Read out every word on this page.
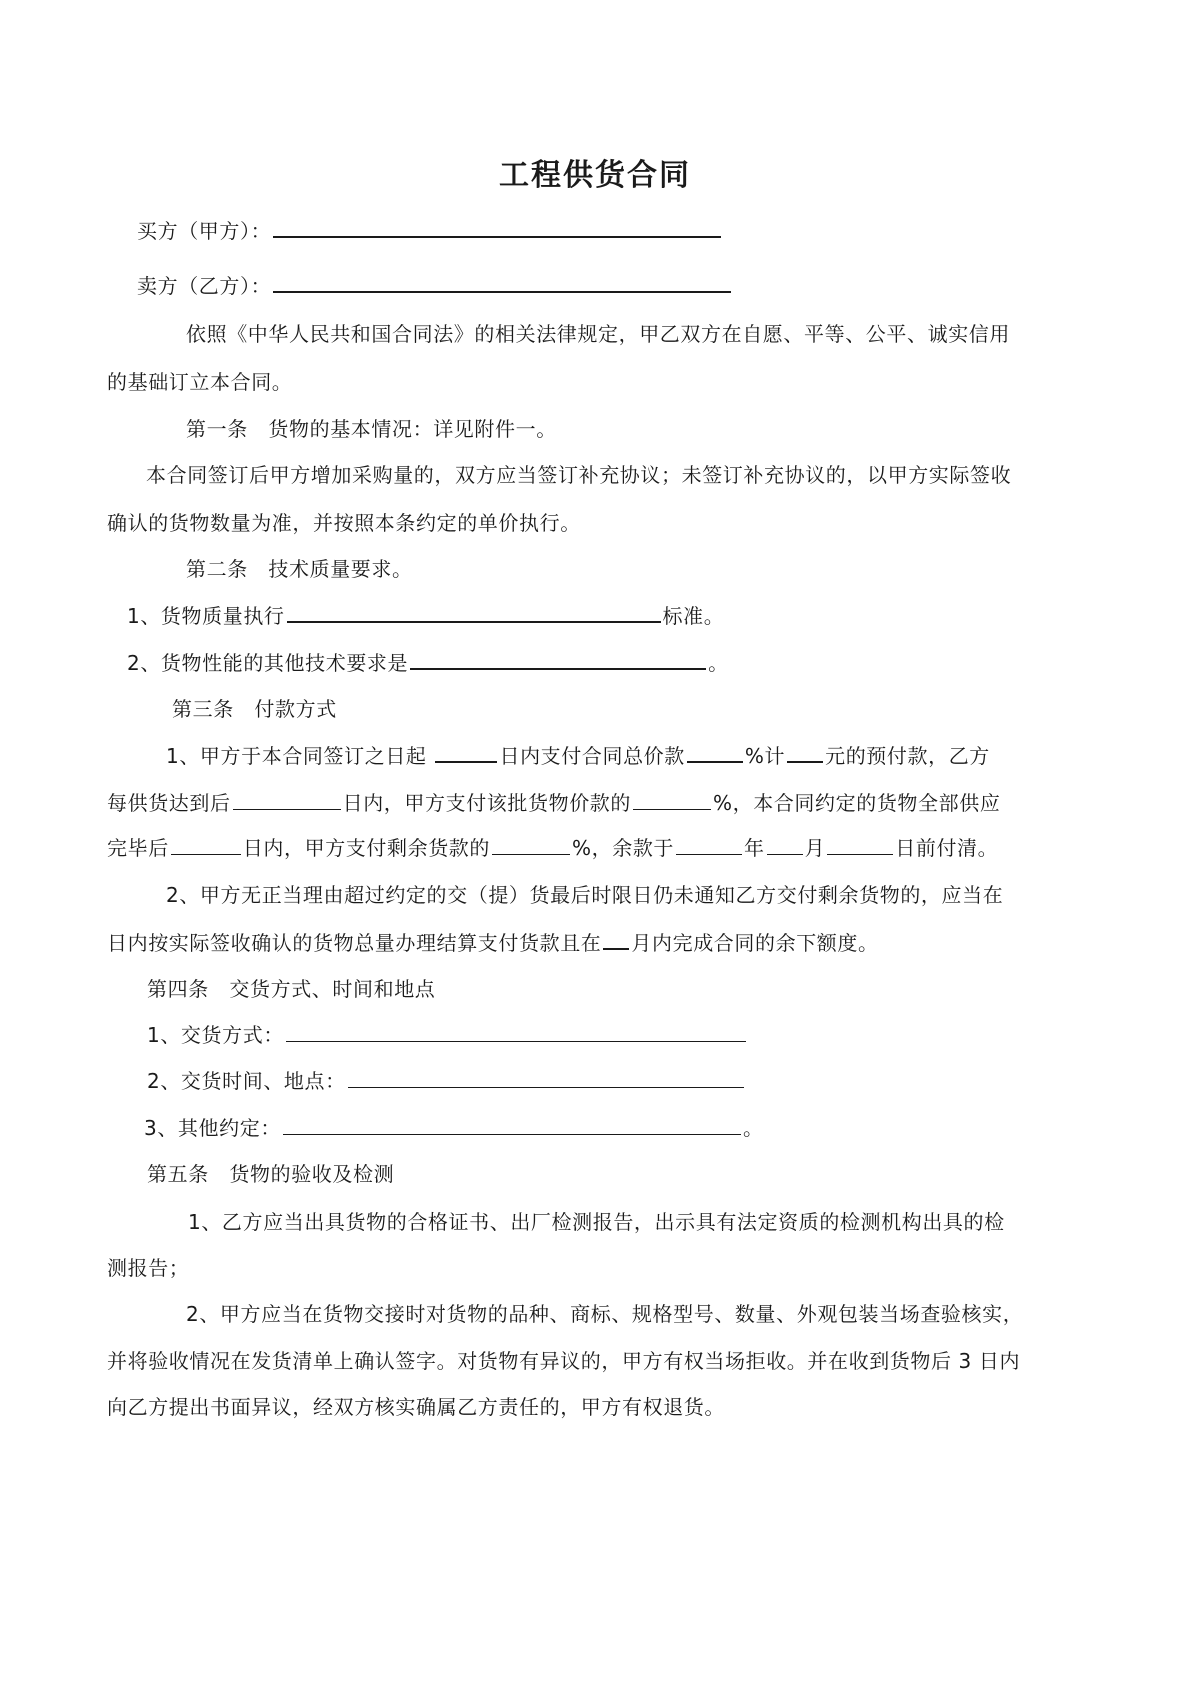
工程供货合同
买方（甲方）：
卖方（乙方）：
依照《中华人民共和国合同法》的相关法律规定，甲乙双方在自愿、平等、公平、诚实信用
的基础订立本合同。
第一条　货物的基本情况：详见附件一。
本合同签订后甲方增加采购量的，双方应当签订补充协议；未签订补充协议的，以甲方实际签收
确认的货物数量为准，并按照本条约定的单价执行。
第二条　技术质量要求。
1、货物质量执行	标准。
2、货物性能的其他技术要求是	。
第三条　付款方式
1、甲方于本合同签订之日起	日内支付合同总价款	%计 元的预付款，乙方
每供货达到后	日内，甲方支付该批货物价款的	%，本合同约定的货物全部供应
完毕后	日内，甲方支付剩余货款的	%，余款于	年 月	日前付清。
2、甲方无正当理由超过约定的交（提）货最后时限日仍未通知乙方交付剩余货物的，应当在
日内按实际签收确认的货物总量办理结算支付货款且在 月内完成合同的余下额度。
第四条　交货方式、时间和地点
1、交货方式：
2、交货时间、地点：
3、其他约定：	。
第五条　货物的验收及检测
1、乙方应当出具货物的合格证书、出厂检测报告，出示具有法定资质的检测机构出具的检
测报告；
2、甲方应当在货物交接时对货物的品种、商标、规格型号、数量、外观包装当场查验核实，
并将验收情况在发货清单上确认签字。对货物有异议的，甲方有权当场拒收。并在收到货物后 3 日内
向乙方提出书面异议，经双方核实确属乙方责任的，甲方有权退货。
